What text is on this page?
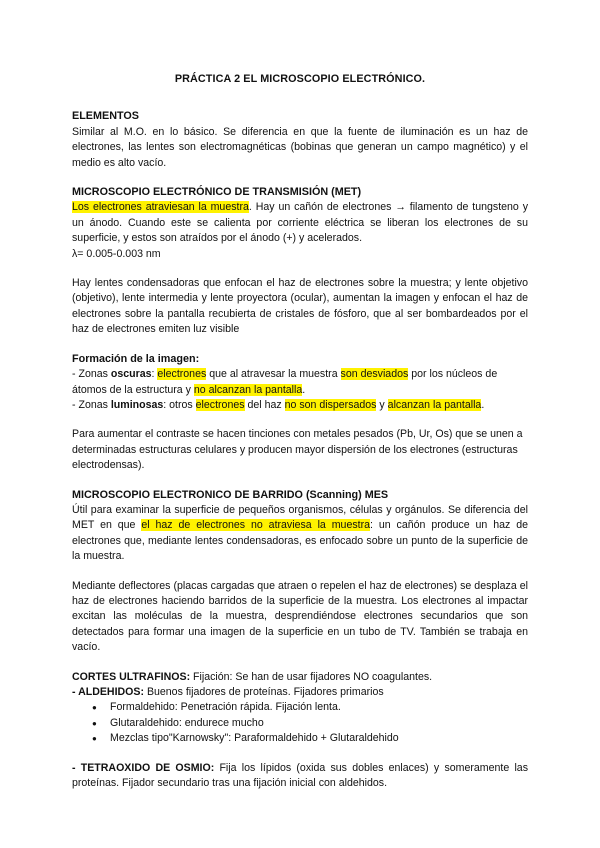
PRÁCTICA 2 EL MICROSCOPIO ELECTRÓNICO.
ELEMENTOS

Similar al M.O. en lo básico. Se diferencia en que la fuente de iluminación es un haz de electrones, las lentes son electromagnéticas (bobinas que generan un campo magnético) y el medio es alto vacío.

MICROSCOPIO ELECTRÓNICO DE TRANSMISIÓN (MET)

Los electrones atraviesan la muestra. Hay un cañón de electrones → filamento de tungsteno y un ánodo. Cuando este se calienta por corriente eléctrica se liberan los electrones de su superficie, y estos son atraídos por el ánodo (+) y acelerados.

λ= 0.005-0.003 nm

Hay lentes condensadoras que enfocan el haz de electrones sobre la muestra; y lente objetivo (objetivo), lente intermedia y lente proyectora (ocular), aumentan la imagen y enfocan el haz de electrones sobre la pantalla recubierta de cristales de fósforo, que al ser bombardeados por el haz de electrones emiten luz visible

Formación de la imagen:

- Zonas oscuras: electrones que al atravesar la muestra son desviados por los núcleos de átomos de la estructura y no alcanzan la pantalla.

- Zonas luminosas: otros electrones del haz no son dispersados y alcanzan la pantalla.

Para aumentar el contraste se hacen tinciones con metales pesados (Pb, Ur, Os) que se unen a determinadas estructuras celulares y producen mayor dispersión de los electrones (estructuras electrodensas).

MICROSCOPIO ELECTRONICO DE BARRIDO (Scanning) MES

Útil para examinar la superficie de pequeños organismos, células y orgánulos. Se diferencia del MET en que el haz de electrones no atraviesa la muestra: un cañón produce un haz de electrones que, mediante lentes condensadoras, es enfocado sobre un punto de la superficie de la muestra.

Mediante deflectores (placas cargadas que atraen o repelen el haz de electrones) se desplaza el haz de electrones haciendo barridos de la superficie de la muestra. Los electrones al impactar excitan las moléculas de la muestra, desprendiéndose electrones secundarios que son detectados para formar una imagen de la superficie en un tubo de TV. También se trabaja en vacío.

CORTES ULTRAFINOS: Fijación: Se han de usar fijadores NO coagulantes.

- ALDEHIDOS: Buenos fijadores de proteínas. Fijadores primarios

● Formaldehido: Penetración rápida. Fijación lenta.
● Glutaraldehido: endurece mucho
● Mezclas tipo"Karnowsky": Paraformaldehido + Glutaraldehido

- TETRAOXIDO DE OSMIO: Fija los lípidos (oxida sus dobles enlaces) y someramente las proteínas. Fijador secundario tras una fijación inicial con aldehidos.
